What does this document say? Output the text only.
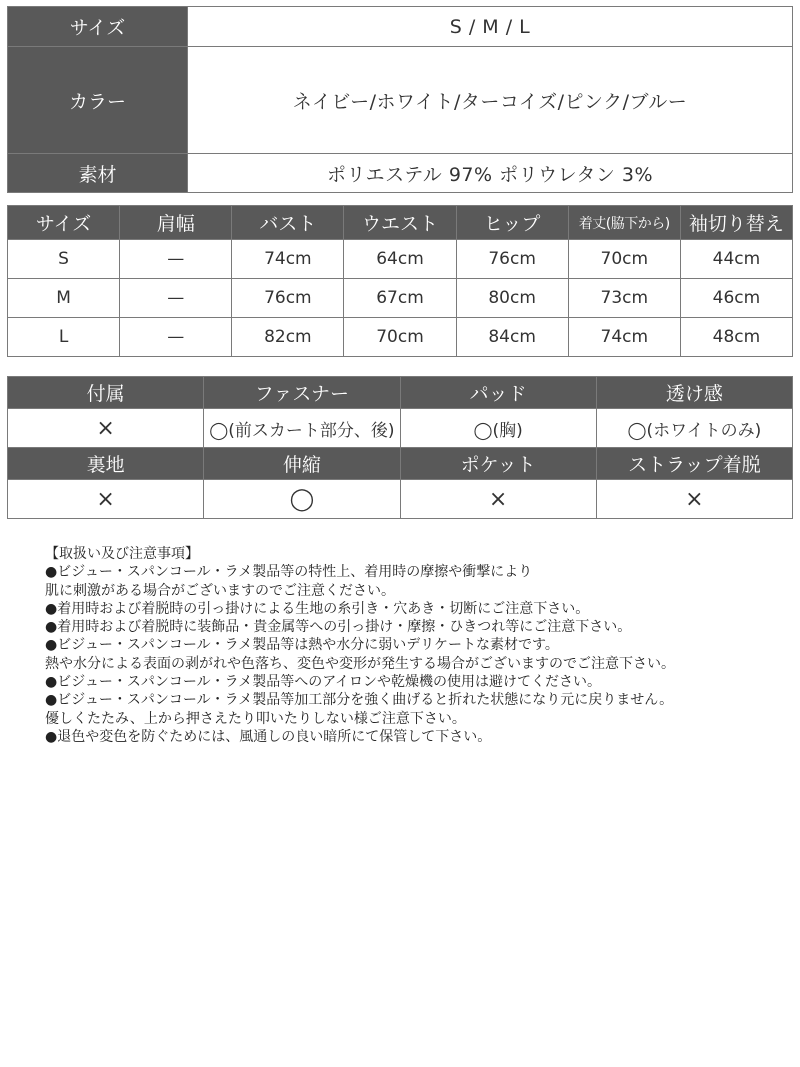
サイズ	S / M / L
カラー	ネイビー/ホワイト/ターコイズ/ピンク/ブルー
素材	ポリエステル 97% ポリウレタン 3%
サイズ	肩幅	バスト	ウエスト	ヒップ	着丈(脇下から)	袖切り替え
S	—	74cm	64cm	76cm	70cm	44cm
M	—	76cm	67cm	80cm	73cm	46cm
L	—	82cm	70cm	84cm	74cm	48cm
付属	ファスナー	パッド	透け感
×	◯(前スカート部分、後)	◯(胸)	◯(ホワイトのみ)
裏地	伸縮	ポケット	ストラップ着脱
×	◯	×	×
【取扱い及び注意事項】
●ビジュー・スパンコール・ラメ製品等の特性上、着用時の摩擦や衝撃により
肌に刺激がある場合がございますのでご注意ください。
●着用時および着脱時の引っ掛けによる生地の糸引き・穴あき・切断にご注意下さい。
●着用時および着脱時に装飾品・貴金属等への引っ掛け・摩擦・ひきつれ等にご注意下さい。
●ビジュー・スパンコール・ラメ製品等は熱や水分に弱いデリケートな素材です。
熱や水分による表面の剥がれや色落ち、変色や変形が発生する場合がございますのでご注意下さい。
●ビジュー・スパンコール・ラメ製品等へのアイロンや乾燥機の使用は避けてください。
●ビジュー・スパンコール・ラメ製品等加工部分を強く曲げると折れた状態になり元に戻りません。
優しくたたみ、上から押さえたり叩いたりしない様ご注意下さい。
●退色や変色を防ぐためには、風通しの良い暗所にて保管して下さい。
